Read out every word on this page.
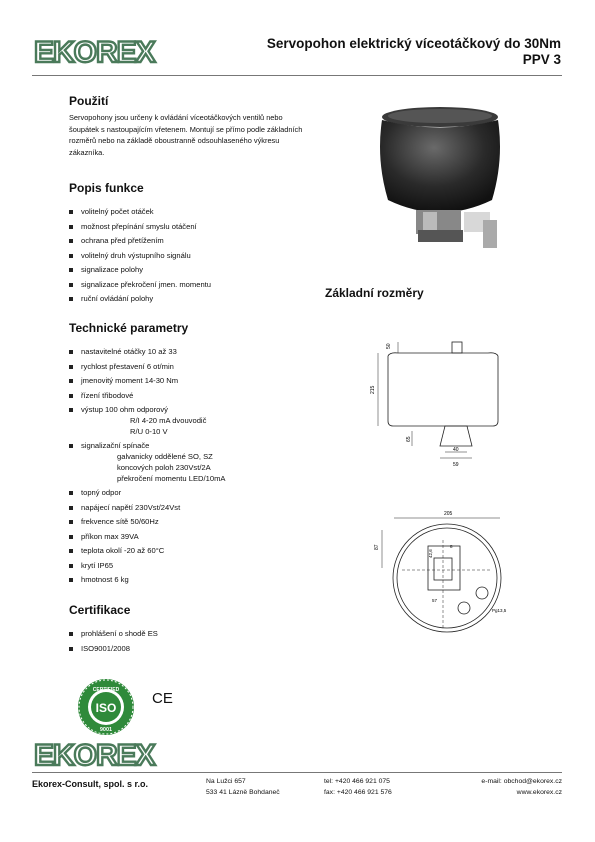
EKOREX	Servopohon elektrický víceotáčkový do 30Nm
PPV 3
Použití
Servopohony jsou určeny k ovládání víceotáčkových ventilů nebo šoupátek s nastoupajícím vřetenem. Montují se přímo podle základních rozměrů nebo na základě oboustranně odsouhlaseného výkresu zákazníka.
Popis funkce
volitelný počet otáček
možnost přepínání smyslu otáčení
ochrana před přetížením
volitelný druh výstupního signálu
signalizace polohy
signalizace překročení jmen. momentu
ruční ovládání polohy
Technické parametry
nastavitelné otáčky 10 až 33
rychlost přestavení 6 ot/min
jmenovitý moment 14-30 Nm
řízení třibodové
výstup 100 ohm odporový
R/I 4-20 mA dvouvodič
R/U 0-10 V
signalizační spínače
galvanicky oddělené SO, SZ
koncových poloh 230Vst/2A
překročení momentu LED/10mA
topný odpor
napájecí napětí 230Vst/24Vst
frekvence sítě 50/60Hz
příkon max 39VA
teplota okolí -20 až 60°C
krytí IP65
hmotnost 6 kg
Certifikace
prohlášení o shodě ES
ISO9001/2008
CERTIFIED
ISO
9001
CE
Základní rozměry
50
215
65
40
59
205
87
42,6
8
Pg13,5
57
EKOREX
Ekorex-Consult, spol. s r.o.	Na Lužci 657
533 41 Lázně Bohdaneč
tel: +420 466 921 075
fax: +420 466 921 576
e-mail: obchod@ekorex.cz
www.ekorex.cz
